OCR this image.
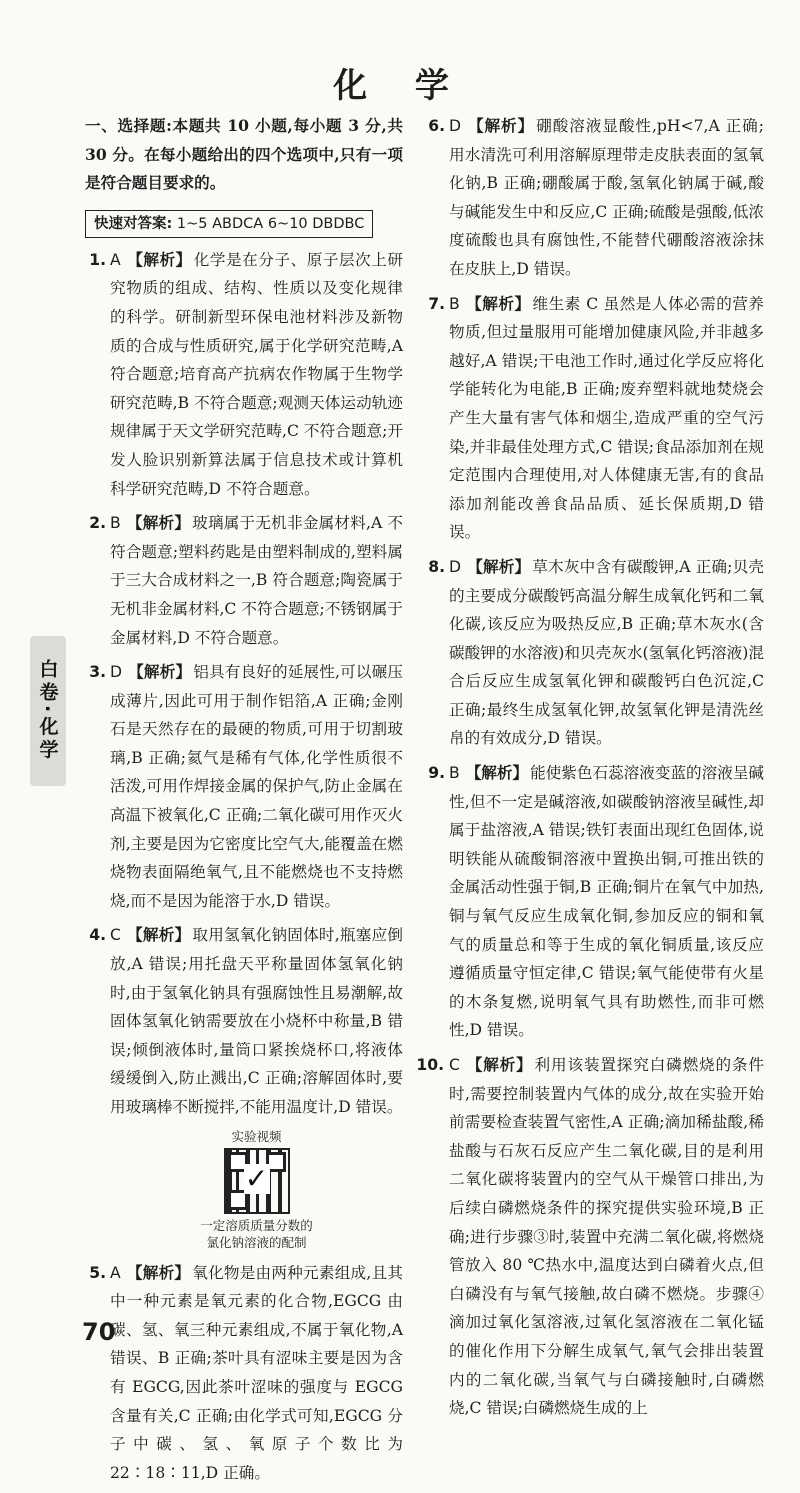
化 学

一、选择题:本题共 10 小题,每小题 3 分,共 30 分。在每小题给出的四个选项中,只有一项是符合题目要求的。

快速对答案: 1~5 ABDCA 6~10 DBDBC
1. A 【解析】 化学是在分子、原子层次上研究物质的组成、结构、性质以及变化规律的科学。研制新型环保电池材料涉及新物质的合成与性质研究,属于化学研究范畴,A 符合题意;培育高产抗病农作物属于生物学研究范畴,B 不符合题意;观测天体运动轨迹规律属于天文学研究范畴,C 不符合题意;开发人脸识别新算法属于信息技术或计算机科学研究范畴,D 不符合题意。
2. B 【解析】 玻璃属于无机非金属材料,A 不符合题意;塑料药匙是由塑料制成的,塑料属于三大合成材料之一,B 符合题意;陶瓷属于无机非金属材料,C 不符合题意;不锈钢属于金属材料,D 不符合题意。
3. D 【解析】 铝具有良好的延展性,可以碾压成薄片,因此可用于制作铝箔,A 正确;金刚石是天然存在的最硬的物质,可用于切割玻璃,B 正确;氦气是稀有气体,化学性质很不活泼,可用作焊接金属的保护气,防止金属在高温下被氧化,C 正确;二氧化碳可用作灭火剂,主要是因为它密度比空气大,能覆盖在燃烧物表面隔绝氧气,且不能燃烧也不支持燃烧,而不是因为能溶于水,D 错误。
4. C 【解析】 取用氢氧化钠固体时,瓶塞应倒放,A 错误;用托盘天平称量固体氢氧化钠时,由于氢氧化钠具有强腐蚀性且易潮解,故固体氢氧化钠需要放在小烧杯中称量,B 错误;倾倒液体时,量筒口紧挨烧杯口,将液体缓缓倒入,防止溅出,C 正确;溶解固体时,要用玻璃棒不断搅拌,不能用温度计,D 错误。
实验视频
✓
一定溶质质量分数的
氯化钠溶液的配制
5. A 【解析】 氧化物是由两种元素组成,且其中一种元素是氧元素的化合物,EGCG 由碳、氢、氧三种元素组成,不属于氧化物,A 错误、B 正确;茶叶具有涩味主要是因为含有 EGCG,因此茶叶涩味的强度与 EGCG 含量有关,C 正确;由化学式可知,EGCG 分子中碳、氢、氧原子个数比为 22∶18∶11,D 正确。
6. D 【解析】 硼酸溶液显酸性,pH<7,A 正确;用水清洗可利用溶解原理带走皮肤表面的氢氧化钠,B 正确;硼酸属于酸,氢氧化钠属于碱,酸与碱能发生中和反应,C 正确;硫酸是强酸,低浓度硫酸也具有腐蚀性,不能替代硼酸溶液涂抹在皮肤上,D 错误。
7. B 【解析】 维生素 C 虽然是人体必需的营养物质,但过量服用可能增加健康风险,并非越多越好,A 错误;干电池工作时,通过化学反应将化学能转化为电能,B 正确;废弃塑料就地焚烧会产生大量有害气体和烟尘,造成严重的空气污染,并非最佳处理方式,C 错误;食品添加剂在规定范围内合理使用,对人体健康无害,有的食品添加剂能改善食品品质、延长保质期,D 错误。
8. D 【解析】 草木灰中含有碳酸钾,A 正确;贝壳的主要成分碳酸钙高温分解生成氧化钙和二氧化碳,该反应为吸热反应,B 正确;草木灰水(含碳酸钾的水溶液)和贝壳灰水(氢氧化钙溶液)混合后反应生成氢氧化钾和碳酸钙白色沉淀,C 正确;最终生成氢氧化钾,故氢氧化钾是清洗丝帛的有效成分,D 错误。
9. B 【解析】 能使紫色石蕊溶液变蓝的溶液呈碱性,但不一定是碱溶液,如碳酸钠溶液呈碱性,却属于盐溶液,A 错误;铁钉表面出现红色固体,说明铁能从硫酸铜溶液中置换出铜,可推出铁的金属活动性强于铜,B 正确;铜片在氧气中加热,铜与氧气反应生成氧化铜,参加反应的铜和氧气的质量总和等于生成的氧化铜质量,该反应遵循质量守恒定律,C 错误;氧气能使带有火星的木条复燃,说明氧气具有助燃性,而非可燃性,D 错误。
10. C 【解析】 利用该装置探究白磷燃烧的条件时,需要控制装置内气体的成分,故在实验开始前需要检查装置气密性,A 正确;滴加稀盐酸,稀盐酸与石灰石反应产生二氧化碳,目的是利用二氧化碳将装置内的空气从干燥管口排出,为后续白磷燃烧条件的探究提供实验环境,B 正确;进行步骤③时,装置中充满二氧化碳,将燃烧管放入 80 ℃热水中,温度达到白磷着火点,但白磷没有与氧气接触,故白磷不燃烧。步骤④滴加过氧化氢溶液,过氧化氢溶液在二氧化锰的催化作用下分解生成氧气,氧气会排出装置内的二氧化碳,当氧气与白磷接触时,白磷燃烧,C 错误;白磷燃烧生成的上
白卷·化学
70
